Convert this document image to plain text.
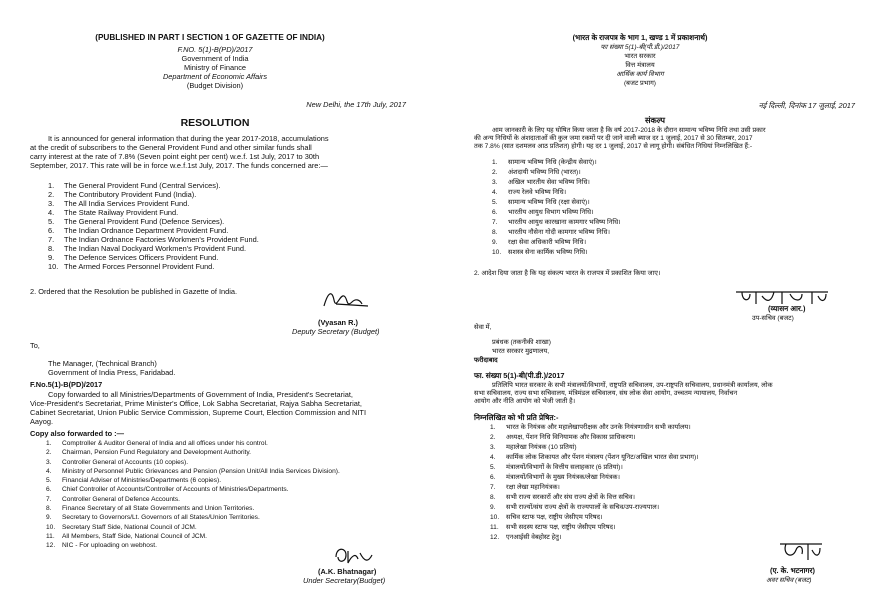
(PUBLISHED IN PART I SECTION 1 OF GAZETTE OF INDIA)
F.NO. 5(1)-B(PD)/2017
Government of India
Ministry of Finance
Department of Economic Affairs
(Budget Division)
New Delhi, the 17th July, 2017
RESOLUTION
It is announced for general information that during the year 2017-2018, accumulations
at the credit of subscribers to the General Provident Fund and other similar funds shall
carry interest at the rate of 7.8% (Seven point eight per cent) w.e.f. 1st July, 2017 to 30th
September, 2017. This rate will be in force w.e.f.1st July, 2017. The funds concerned are:—
1. The General Provident Fund (Central Services).
2. The Contributory Provident Fund (India).
3. The All India Services Provident Fund.
4. The State Railway Provident Fund.
5. The General Provident Fund (Defence Services).
6. The Indian Ordnance Department Provident Fund.
7. The Indian Ordnance Factories Workmen's Provident Fund.
8. The Indian Naval Dockyard Workmen's Provident Fund.
9. The Defence Services Officers Provident Fund.
10. The Armed Forces Personnel Provident Fund.
2. Ordered that the Resolution be published in Gazette of India.
(Vyasan R.)
Deputy Secretary (Budget)
To,
The Manager, (Technical Branch)
Government of India Press, Faridabad.
F.No.5(1)-B(PD)/2017
Copy forwarded to all Ministries/Departments of Government of India, President's Secretariat,
Vice-President's Secretariat, Prime Minister's Office, Lok Sabha Secretariat, Rajya Sabha Secretariat,
Cabinet Secretariat, Union Public Service Commission, Supreme Court, Election Commission and NITI
Aayog.
Copy also forwarded to :—
1. Comptroller & Auditor General of India and all offices under his control.
2. Chairman, Pension Fund Regulatory and Development Authority.
3. Controller General of Accounts (10 copies).
4. Ministry of Personnel Public Grievances and Pension (Pension Unit/All India Services Division).
5. Financial Adviser of Ministries/Departments (6 copies).
6. Chief Controller of Accounts/Controller of Accounts of Ministries/Departments.
7. Controller General of Defence Accounts.
8. Finance Secretary of all State Governments and Union Territories.
9. Secretary to Governors/Lt. Governors of all States/Union Territories.
10. Secretary Staff Side, National Council of JCM.
11. All Members, Staff Side, National Council of JCM.
12. NIC - For uploading on webhost.
(A.K. Bhatnagar)
Under Secretary(Budget)
(भारत के राजपत्र के भाग 1, खण्ड 1 में प्रकाशनार्थ)
फा संख्या 5(1)-बी(पी.डी.)/2017
भारत सरकार
वित्त मंत्रालय
आर्थिक कार्य विभाग
(बजट प्रभाग)
नई दिल्ली, दिनांक 17 जुलाई, 2017
संकल्प
आम जानकारी के लिए यह घोषित किया जाता है कि वर्ष 2017-2018 के दौरान सामान्य भविष्य निधि तथा उसी प्रकार
की अन्य निधियों के अंशदाताओं की कुल जमा रकमों पर दी जाने वाली ब्याज दर 1 जुलाई, 2017 से 30 सितम्बर, 2017
तक 7.8% (सात दशमलव आठ प्रतिशत) होगी। यह दर 1 जुलाई, 2017 से लागू होगी। संबंधित निधियां निम्नलिखित हैं:-
1. सामान्य भविष्य निधि (केन्द्रीय सेवाएं)।
2. अंशदायी भविष्य निधि (भारत)।
3. अखिल भारतीय सेवा भविष्य निधि।
4. राज्य रेलवे भविष्य निधि।
5. सामान्य भविष्य निधि (रक्षा सेवाएं)।
6. भारतीय आयुध विभाग भविष्य निधि।
7. भारतीय आयुध कारखाना कामगार भविष्य निधि।
8. भारतीय नौसेना गोदी कामगार भविष्य निधि।
9. रक्षा सेवा अधिकारी भविष्य निधि।
10. सशस्त्र सेना कार्मिक भविष्य निधि।
2. आदेश दिया जाता है कि यह संकल्प भारत के राजपत्र में प्रकाशित किया जाए।
(व्यासन आर.)
उप-सचिव (बजट)
सेवा में,
प्रबंधक (तकनीकी शाखा)
भारत सरकार मुद्रणालय,
फरीदाबाद
फा. संख्या 5(1)-बी(पी.डी.)/2017
प्रतिलिपि भारत सरकार के सभी मंत्रालयों/विभागों, राष्ट्रपति सचिवालय, उप-राष्ट्रपति सचिवालय, प्रधानमंत्री कार्यालय, लोक
सभा सचिवालय, राज्य सभा सचिवालय, मंत्रिमंडल सचिवालय, संघ लोक सेवा आयोग, उच्चतम न्यायालय, निर्वाचन
आयोग और नीति आयोग को भेजी जाती है।
निम्नलिखित को भी प्रति प्रेषित:-
1. भारत के नियंत्रक और महालेखापरीक्षक और उनके नियंत्रणाधीन सभी कार्यालय।
2. अध्यक्ष, पेंशन निधि विनियामक और विकास प्राधिकरण।
3. महालेखा नियंत्रक (10 प्रतियां)
4. कार्मिक लोक शिकायत और पेंशन मंत्रालय (पेंशन यूनिट/अखिल भारत सेवा प्रभाग)।
5. मंत्रालयों/विभागों के वित्तीय सलाहकार (6 प्रतियां)।
6. मंत्रालयों/विभागों के मुख्य नियंत्रक/लेखा नियंत्रक।
7. रक्षा लेखा महानियंत्रक।
8. सभी राज्य सरकारों और संघ राज्य क्षेत्रों के वित्त सचिव।
9. सभी राज्यों/संघ राज्य क्षेत्रों के राज्यपालों के सचिव/उप-राज्यपाल।
10. सचिव स्टाफ पक्ष, राष्ट्रीय जेसीएम परिषद।
11. सभी सदस्य स्टाफ पक्ष, राष्ट्रीय जेसीएम परिषद।
12. एनआईसी वेबहोस्ट हेतु।
(ए. के. भटनागर)
अवर सचिव (बजट)
